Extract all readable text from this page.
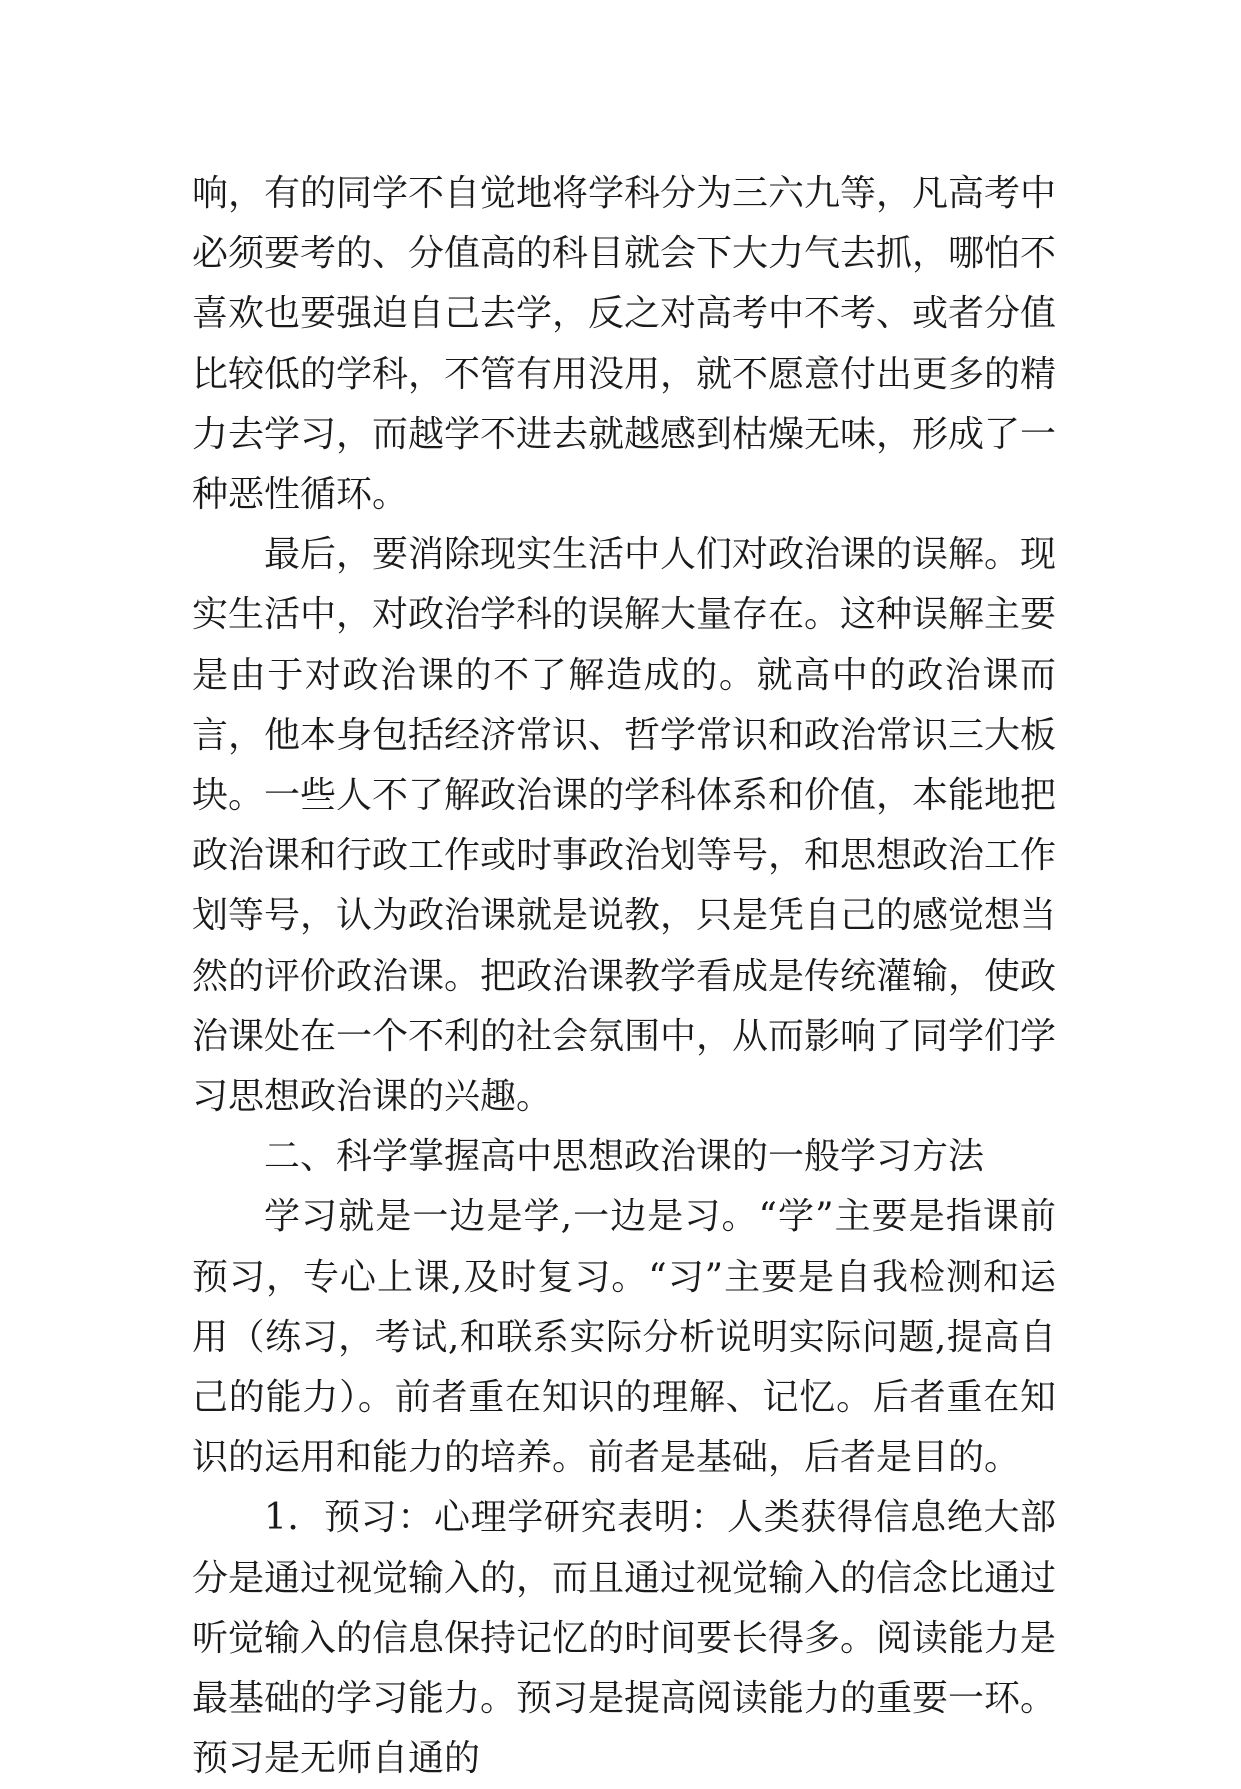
响，有的同学不自觉地将学科分为三六九等，凡高考中必须要考的、分值高的科目就会下大力气去抓，哪怕不喜欢也要强迫自己去学，反之对高考中不考、或者分值比较低的学科，不管有用没用，就不愿意付出更多的精力去学习，而越学不进去就越感到枯燥无味，形成了一种恶性循环。

最后，要消除现实生活中人们对政治课的误解。现实生活中，对政治学科的误解大量存在。这种误解主要是由于对政治课的不了解造成的。就高中的政治课而言，他本身包括经济常识、哲学常识和政治常识三大板块。一些人不了解政治课的学科体系和价值，本能地把政治课和行政工作或时事政治划等号，和思想政治工作划等号，认为政治课就是说教，只是凭自己的感觉想当然的评价政治课。把政治课教学看成是传统灌输，使政治课处在一个不利的社会氛围中，从而影响了同学们学习思想政治课的兴趣。

二、科学掌握高中思想政治课的一般学习方法

学习就是一边是学,一边是习。“学”主要是指课前预习，专心上课,及时复习。“习”主要是自我检测和运用（练习，考试,和联系实际分析说明实际问题,提高自己的能力）。前者重在知识的理解、记忆。后者重在知识的运用和能力的培养。前者是基础，后者是目的。

1．预习：心理学研究表明：人类获得信息绝大部分是通过视觉输入的，而且通过视觉输入的信念比通过听觉输入的信息保持记忆的时间要长得多。阅读能力是最基础的学习能力。预习是提高阅读能力的重要一环。预习是无师自通的
